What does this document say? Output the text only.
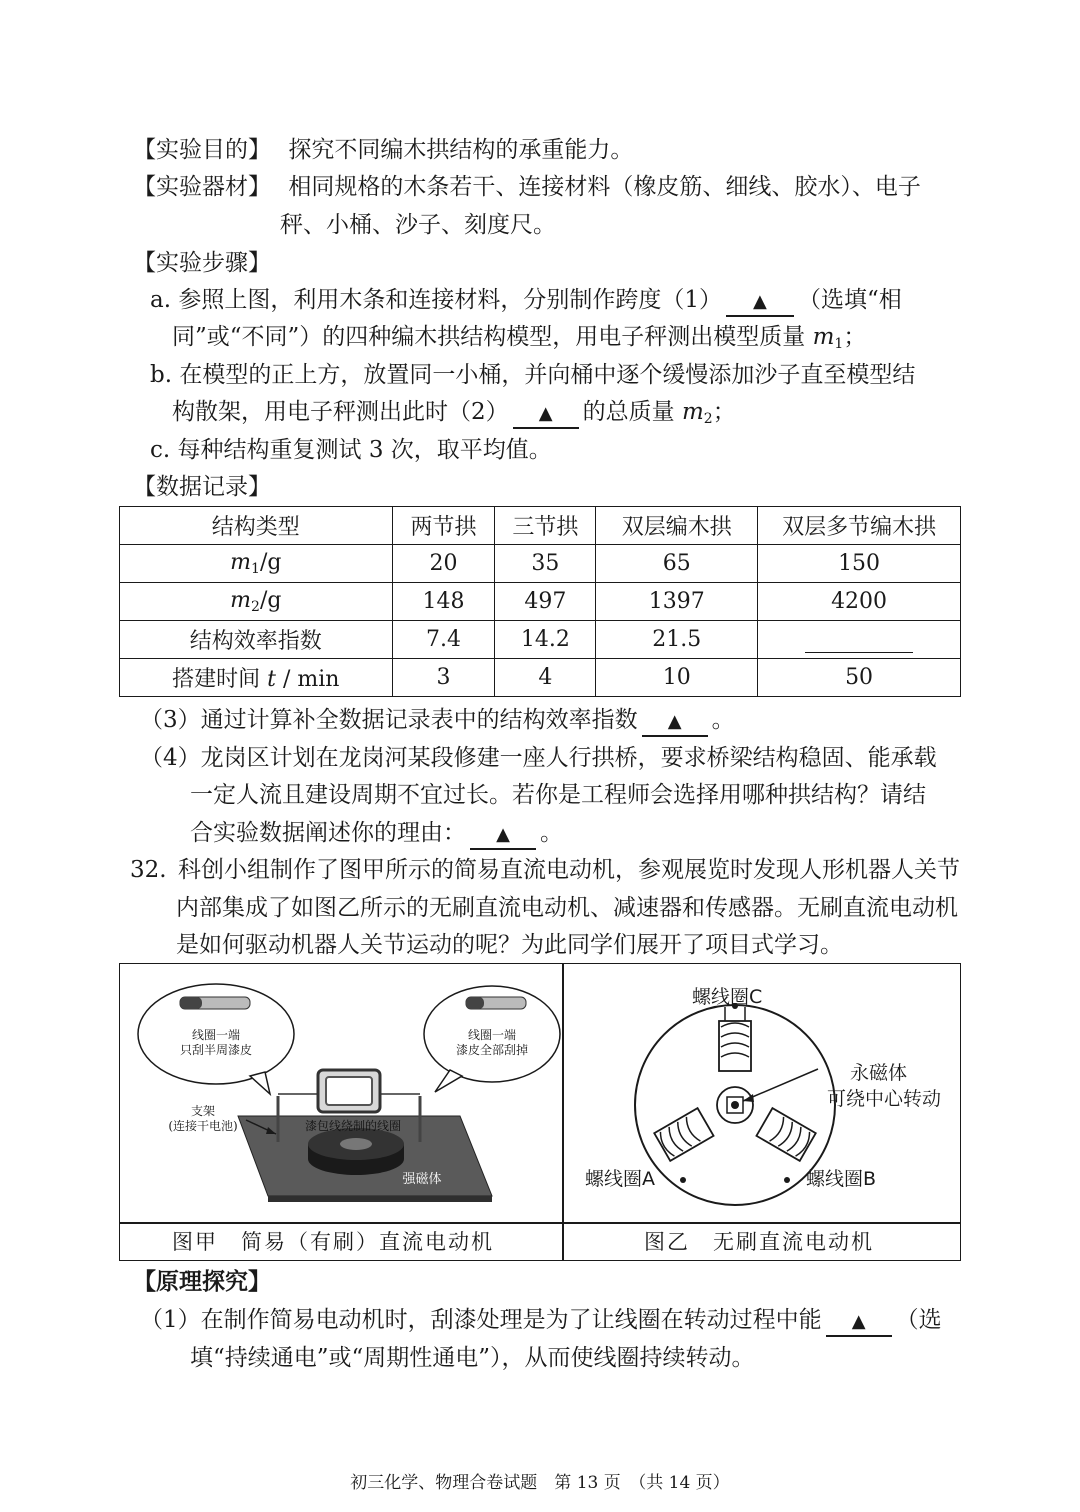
【实验目的】 探究不同编木拱结构的承重能力。
【实验器材】 相同规格的木条若干、连接材料（橡皮筋、细线、胶水）、电子
秤、小桶、沙子、刻度尺。
【实验步骤】
a. 参照上图，利用木条和连接材料，分别制作跨度（1） ▲ （选填“相
同”或“不同”）的四种编木拱结构模型，用电子秤测出模型质量 $m_1$；
b. 在模型的正上方，放置同一小桶，并向桶中逐个缓慢添加沙子直至模型结
构散架，用电子秤测出此时（2） ▲ 的总质量 $m_2$；
c. 每种结构重复测试 3 次，取平均值。
【数据记录】
结构类型	两节拱	三节拱	双层编木拱	双层多节编木拱
$m_1/g$	20	35	65	150
$m_2/g$	148	497	1397	4200
结构效率指数	7.4	14.2	21.5	
搭建时间 t / min	3	4	10	50
（3）通过计算补全数据记录表中的结构效率指数 ▲ 。
（4）龙岗区计划在龙岗河某段修建一座人行拱桥，要求桥梁结构稳固、能承载
一定人流且建设周期不宜过长。若你是工程师会选择用哪种拱结构？请结
合实验数据阐述你的理由： ▲ 。
32. 科创小组制作了图甲所示的简易直流电动机，参观展览时发现人形机器人关节
内部集成了如图乙所示的无刷直流电动机、减速器和传感器。无刷直流电动机
是如何驱动机器人关节运动的呢？为此同学们展开了项目式学习。
线圈一端
只刮半周漆皮
线圈一端
漆皮全部刮掉
支架
(连接干电池)	漆包线绕制的线圈
强磁体
螺线圈C
永磁体
可绕中心转动
螺线圈A	螺线圈B
图甲　简易（有刷）直流电动机	图乙　无刷直流电动机
【原理探究】
（1）在制作简易电动机时，刮漆处理是为了让线圈在转动过程中能 ▲ （选
填“持续通电”或“周期性通电”），从而使线圈持续转动。
初三化学、物理合卷试题　第 13 页　（共 14 页）
